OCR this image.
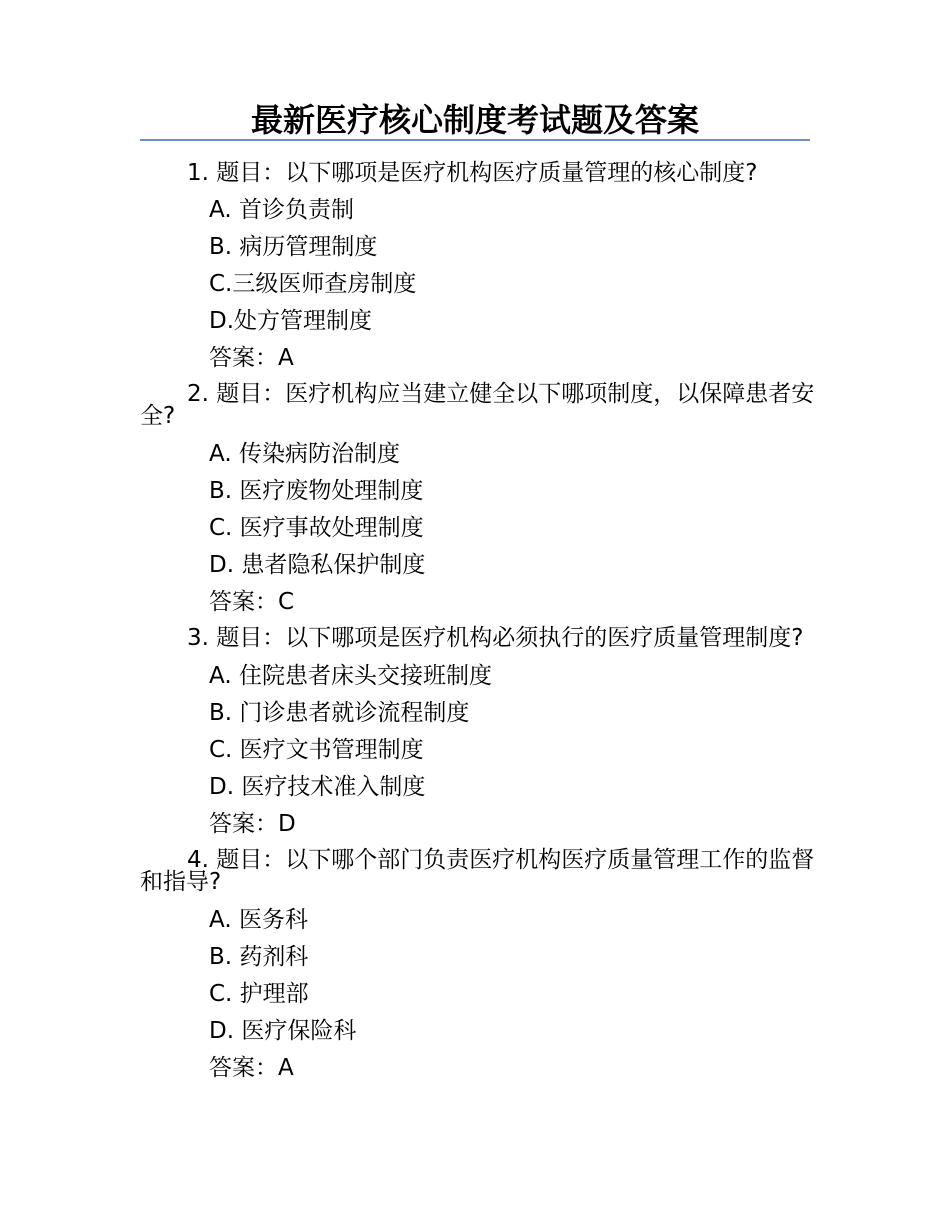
最新医疗核心制度考试题及答案

1. 题目：以下哪项是医疗机构医疗质量管理的核心制度?

A. 首诊负责制

B. 病历管理制度

C.三级医师查房制度

D.处方管理制度

答案：A

2. 题目：医疗机构应当建立健全以下哪项制度，以保障患者安全?

A. 传染病防治制度

B. 医疗废物处理制度

C. 医疗事故处理制度

D. 患者隐私保护制度

答案：C

3. 题目：以下哪项是医疗机构必须执行的医疗质量管理制度?

A. 住院患者床头交接班制度

B. 门诊患者就诊流程制度

C. 医疗文书管理制度

D. 医疗技术准入制度

答案：D

4. 题目：以下哪个部门负责医疗机构医疗质量管理工作的监督和指导?

A. 医务科

B. 药剂科

C. 护理部

D. 医疗保险科

答案：A
